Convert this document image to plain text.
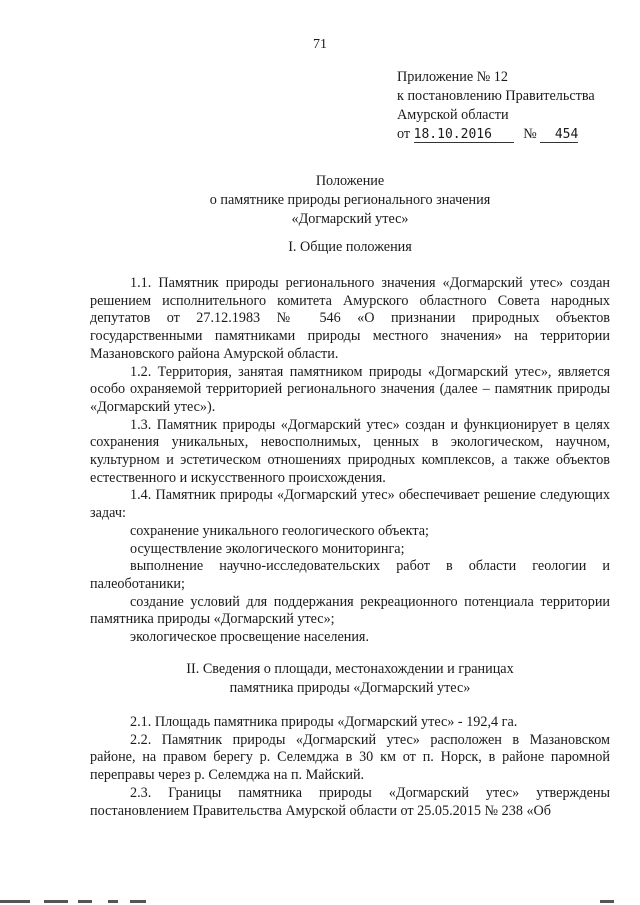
71
Приложение № 12
к постановлению Правительства
Амурской области
от 18.10.2016 № 454
Положение
о памятнике природы регионального значения
«Догмарский утес»
I. Общие положения

1.1. Памятник природы регионального значения «Догмарский утес» создан решением исполнительного комитета Амурского областного Совета народных депутатов от 27.12.1983 № 546 «О признании природных объектов государственными памятниками природы местного значения» на территории Мазановского района Амурской области.

1.2. Территория, занятая памятником природы «Догмарский утес», является особо охраняемой территорией регионального значения (далее – памятник природы «Догмарский утес»).

1.3. Памятник природы «Догмарский утес» создан и функционирует в целях сохранения уникальных, невосполнимых, ценных в экологическом, научном, культурном и эстетическом отношениях природных комплексов, а также объектов естественного и искусственного происхождения.

1.4. Памятник природы «Догмарский утес» обеспечивает решение следующих задач:

сохранение уникального геологического объекта;

осуществление экологического мониторинга;

выполнение научно-исследовательских работ в области геологии и палеоботаники;

создание условий для поддержания рекреационного потенциала территории памятника природы «Догмарский утес»;

экологическое просвещение населения.

II. Сведения о площади, местонахождении и границах
памятника природы «Догмарский утес»

2.1. Площадь памятника природы «Догмарский утес» - 192,4 га.

2.2. Памятник природы «Догмарский утес» расположен в Мазановском районе, на правом берегу р. Селемджа в 30 км от п. Норск, в районе паромной переправы через р. Селемджа на п. Майский.

2.3. Границы памятника природы «Догмарский утес» утверждены постановлением Правительства Амурской области от 25.05.2015 № 238 «Об
